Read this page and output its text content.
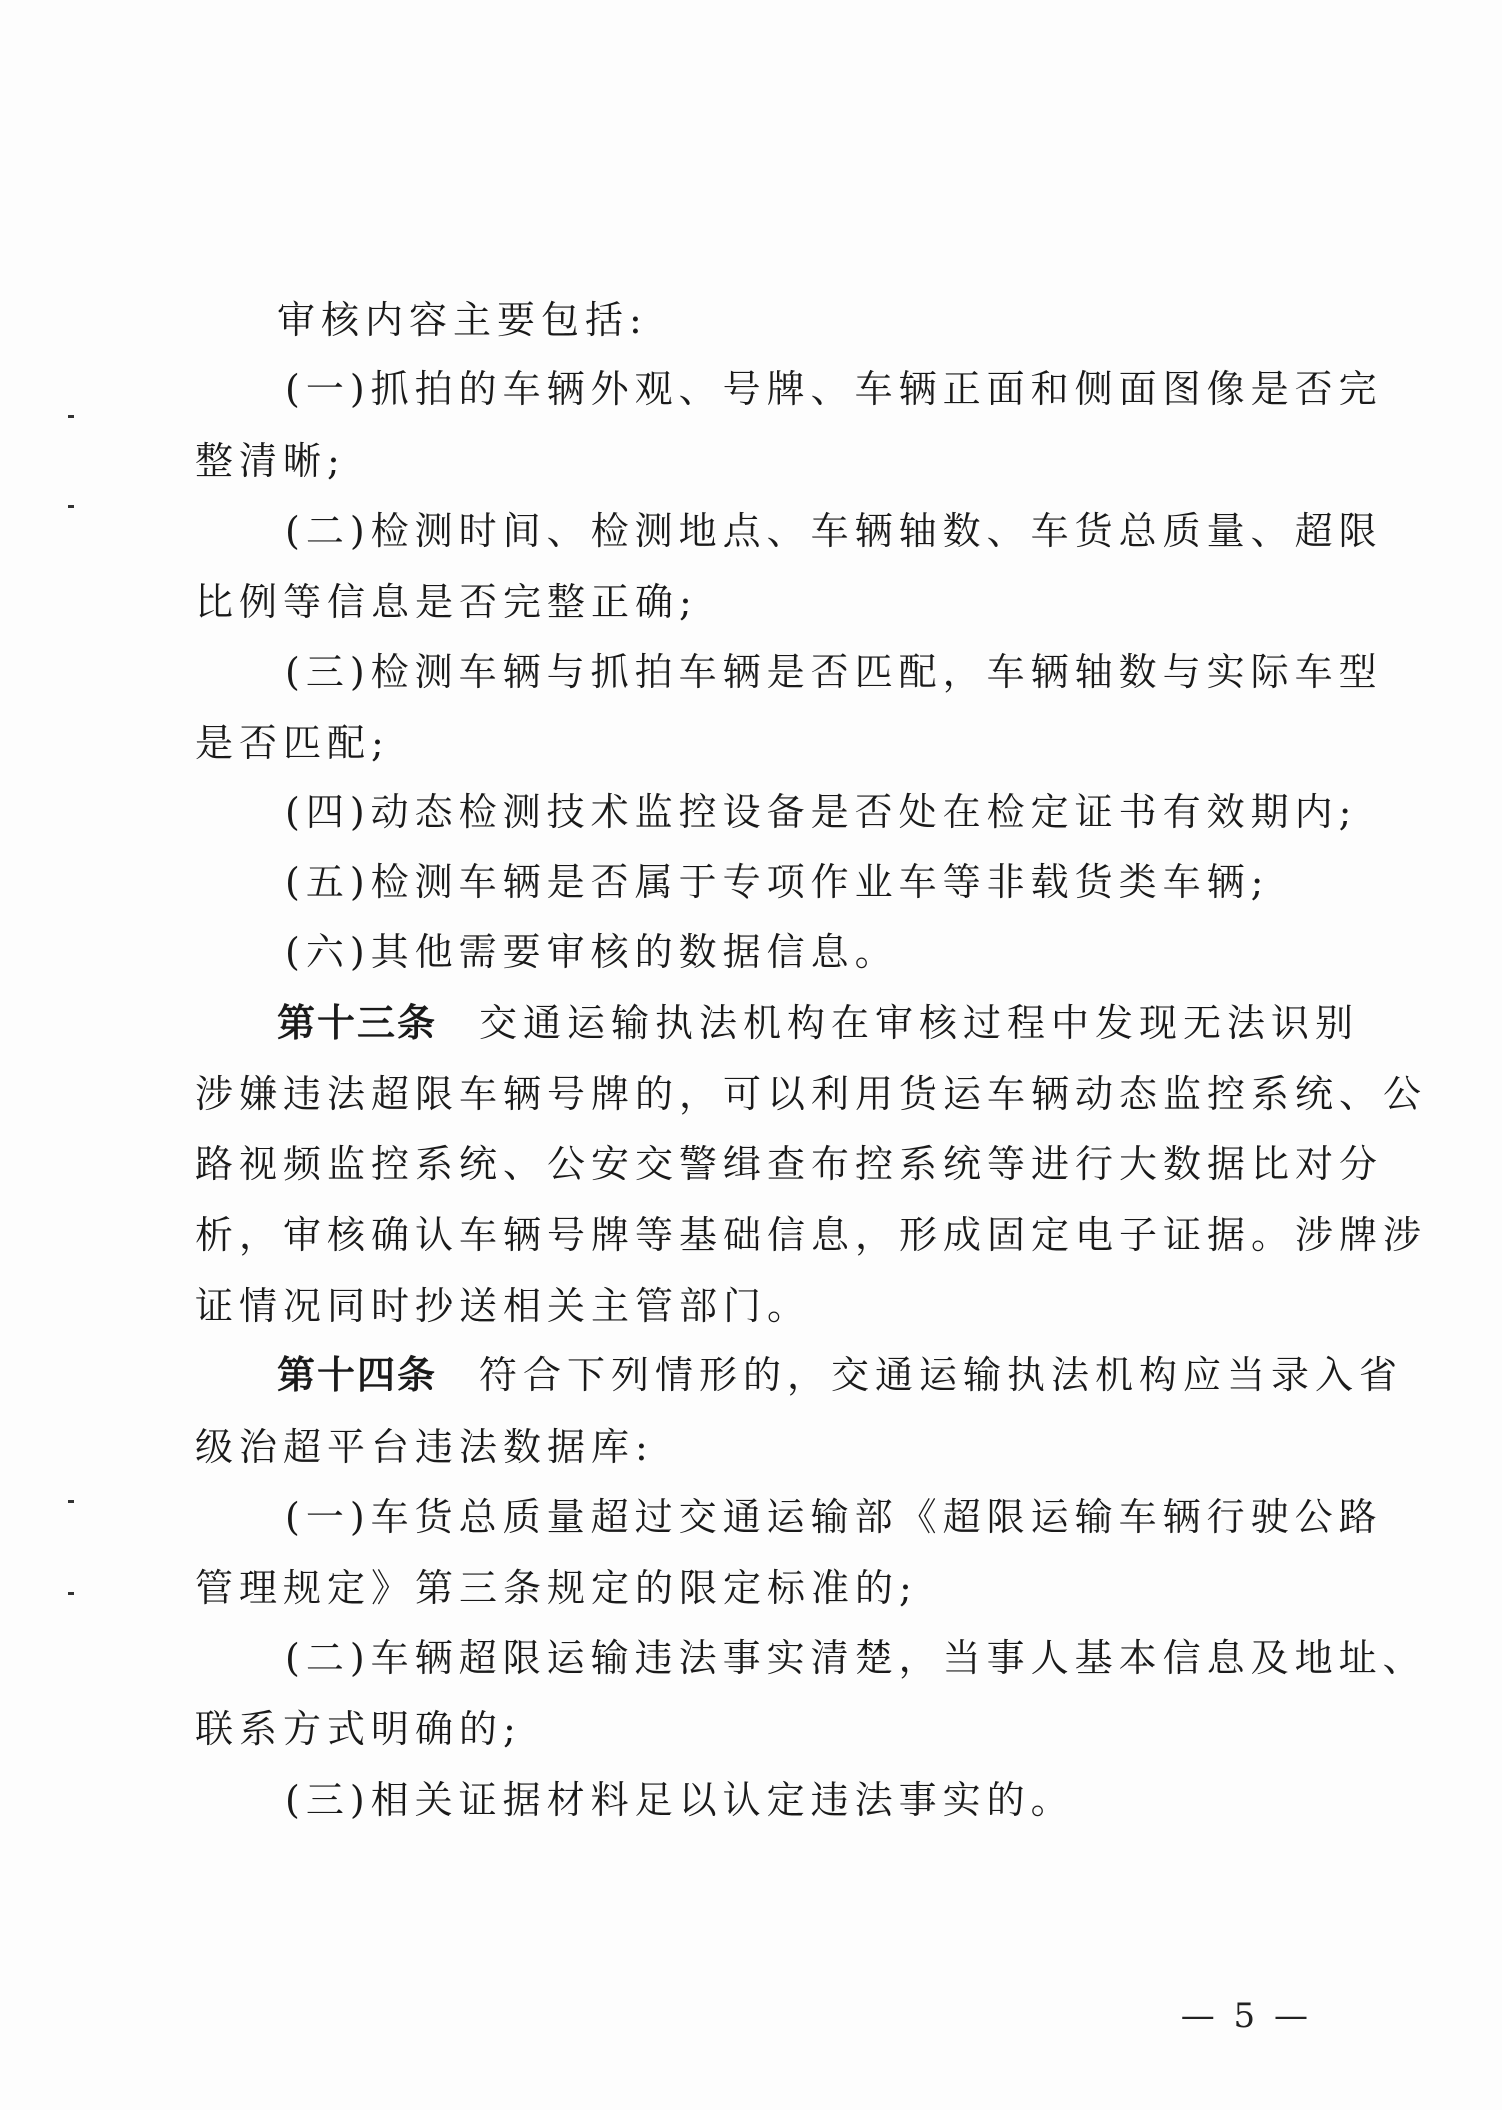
审核内容主要包括:
(一)抓拍的车辆外观、号牌、车辆正面和侧面图像是否完
整清晰;
(二)检测时间、检测地点、车辆轴数、车货总质量、超限
比例等信息是否完整正确;
(三)检测车辆与抓拍车辆是否匹配，车辆轴数与实际车型
是否匹配;
(四)动态检测技术监控设备是否处在检定证书有效期内;
(五)检测车辆是否属于专项作业车等非载货类车辆;
(六)其他需要审核的数据信息。
第十三条 交通运输执法机构在审核过程中发现无法识别
涉嫌违法超限车辆号牌的，可以利用货运车辆动态监控系统、公
路视频监控系统、公安交警缉查布控系统等进行大数据比对分
析，审核确认车辆号牌等基础信息，形成固定电子证据。涉牌涉
证情况同时抄送相关主管部门。
第十四条 符合下列情形的，交通运输执法机构应当录入省
级治超平台违法数据库:
(一)车货总质量超过交通运输部《超限运输车辆行驶公路
管理规定》第三条规定的限定标准的;
(二)车辆超限运输违法事实清楚，当事人基本信息及地址、
联系方式明确的;
(三)相关证据材料足以认定违法事实的。
— 5 —
